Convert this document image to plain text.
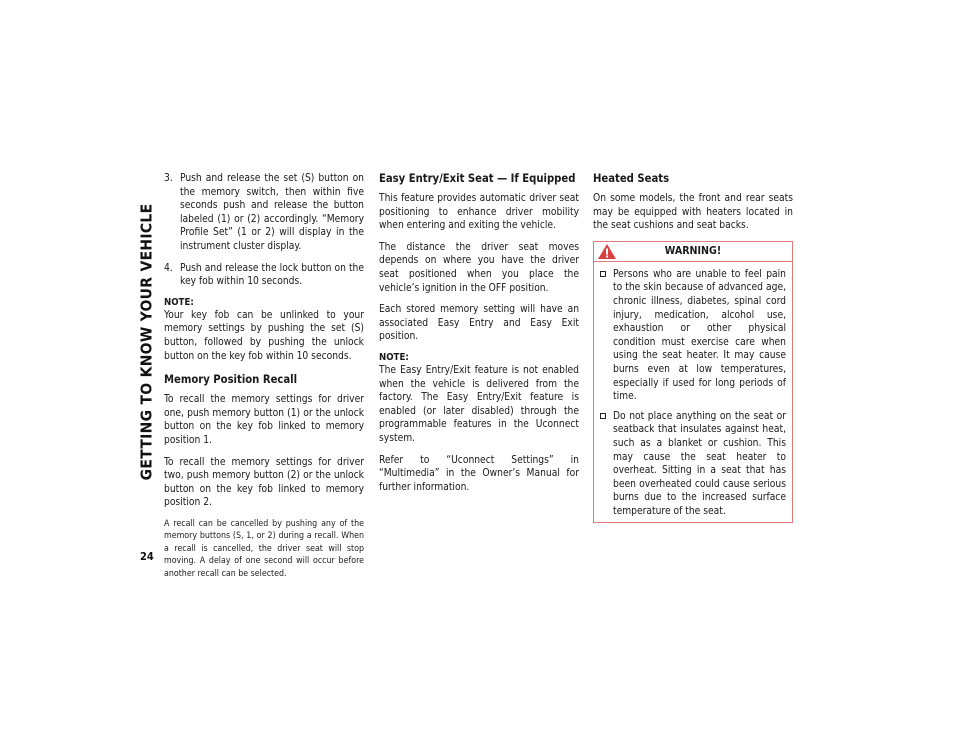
GETTING TO KNOW YOUR VEHICLE
24
3. Push and release the set (S) button on the memory switch, then within five seconds push and release the button labeled (1) or (2) accordingly. “Memory Profile Set” (1 or 2) will display in the instrument cluster display.
4. Push and release the lock button on the key fob within 10 seconds.
NOTE:

Your key fob can be unlinked to your memory settings by pushing the set (S) button, followed by pushing the unlock button on the key fob within 10 seconds.

Memory Position Recall

To recall the memory settings for driver one, push memory button (1) or the unlock button on the key fob linked to memory position 1.

To recall the memory settings for driver two, push memory button (2) or the unlock button on the key fob linked to memory position 2.

A recall can be cancelled by pushing any of the memory buttons (S, 1, or 2) during a recall. When a recall is cancelled, the driver seat will stop moving. A delay of one second will occur before another recall can be selected.

Easy Entry/Exit Seat — If Equipped

This feature provides automatic driver seat positioning to enhance driver mobility when entering and exiting the vehicle.

The distance the driver seat moves depends on where you have the driver seat positioned when you place the vehicle’s ignition in the OFF position.

Each stored memory setting will have an associated Easy Entry and Easy Exit position.

NOTE:

The Easy Entry/Exit feature is not enabled when the vehicle is delivered from the factory. The Easy Entry/Exit feature is enabled (or later disabled) through the programmable features in the Uconnect system.

Refer to “Uconnect Settings” in “Multimedia” in the Owner’s Manual for further information.

Heated Seats

On some models, the front and rear seats may be equipped with heaters located in the seat cushions and seat backs.

WARNING!
Persons who are unable to feel pain to the skin because of advanced age, chronic illness, diabetes, spinal cord injury, medication, alcohol use, exhaustion or other physical condition must exercise care when using the seat heater. It may cause burns even at low temperatures, especially if used for long periods of time.
Do not place anything on the seat or seatback that insulates against heat, such as a blanket or cushion. This may cause the seat heater to overheat. Sitting in a seat that has been overheated could cause serious burns due to the increased surface temperature of the seat.
